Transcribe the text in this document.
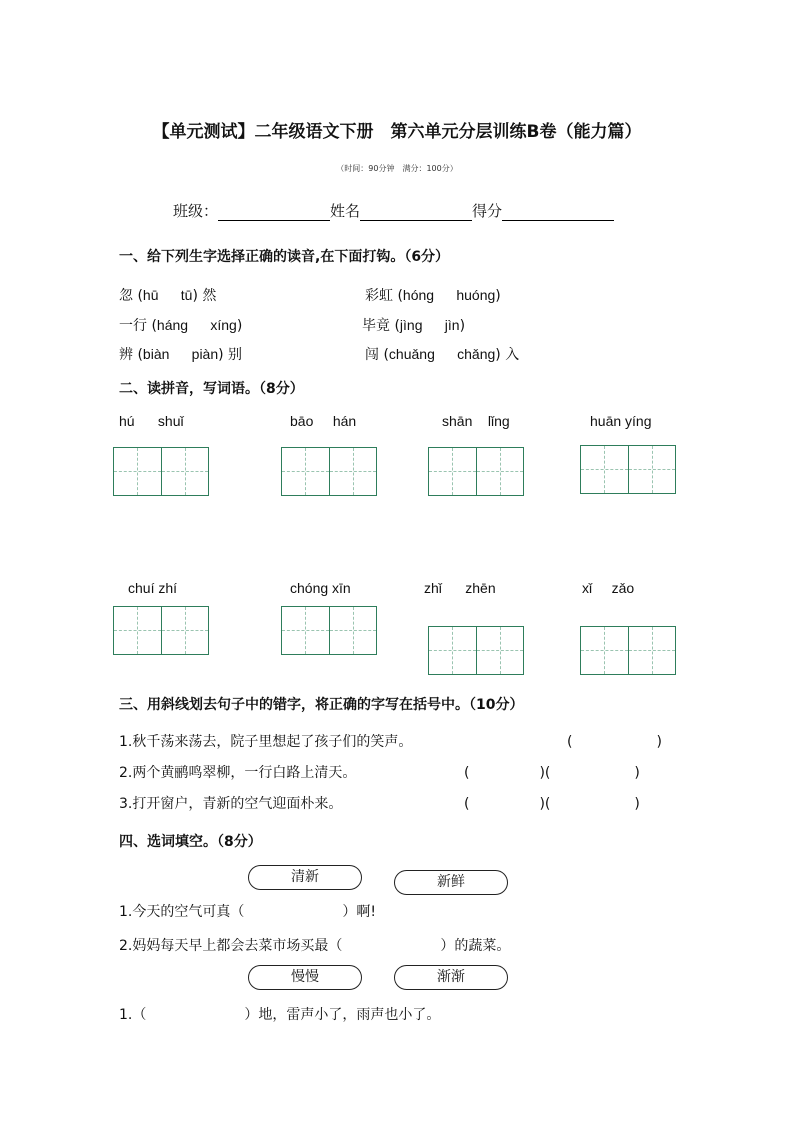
【单元测试】二年级语文下册　第六单元分层训练B卷（能力篇）
（时间：90分钟　满分：100分）
班级：	姓名	得分
一、给下列生字选择正确的读音,在下面打钩。（6分）
忽 (hū tū) 然	彩虹 (hóng huóng)
一行 (háng xíng)	毕竟 (jìng jìn)
辨 (biàn piàn) 别	闯 (chuǎng chǎng) 入
二、读拼音，写词语。（8分）
hú shuǐ	bāo hán	shān lǐng	huān yíng
chuí zhí	chóng xīn	zhǐ zhēn	xǐ zǎo
三、用斜线划去句子中的错字，将正确的字写在括号中。（10分）
1.秋千荡来荡去，院子里想起了孩子们的笑声。	(　　　　　　)
2.两个黄鹂鸣翠柳，一行白路上清天。	(　　　　　)(　　　　　　)
3.打开窗户，青新的空气迎面朴来。	(　　　　　)(　　　　　　)
四、选词填空。（8分）
清新	新鲜
1.今天的空气可真（　　　　　　　）啊!
2.妈妈每天早上都会去菜市场买最（　　　　　　　）的蔬菜。
慢慢	渐渐
1.（　　　　　　　）地，雷声小了，雨声也小了。
